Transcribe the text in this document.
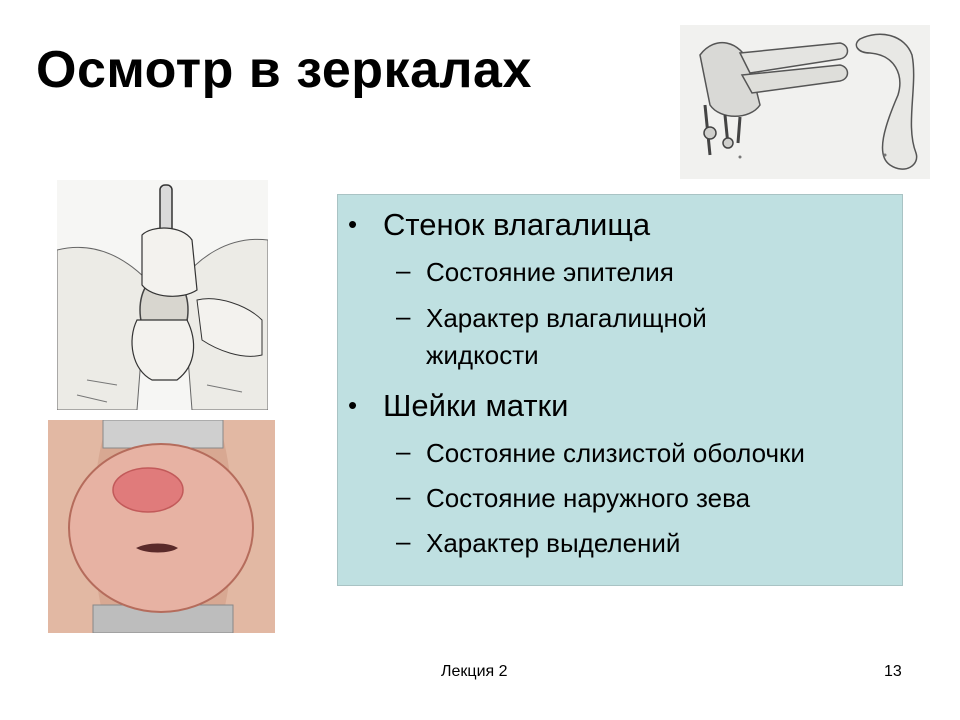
Осмотр в зеркалах
• Стенок влагалища
– Состояние эпителия
– Характер влагалищной
жидкости
• Шейки матки
– Состояние слизистой оболочки
– Состояние наружного зева
– Характер выделений
Лекция 2	13
